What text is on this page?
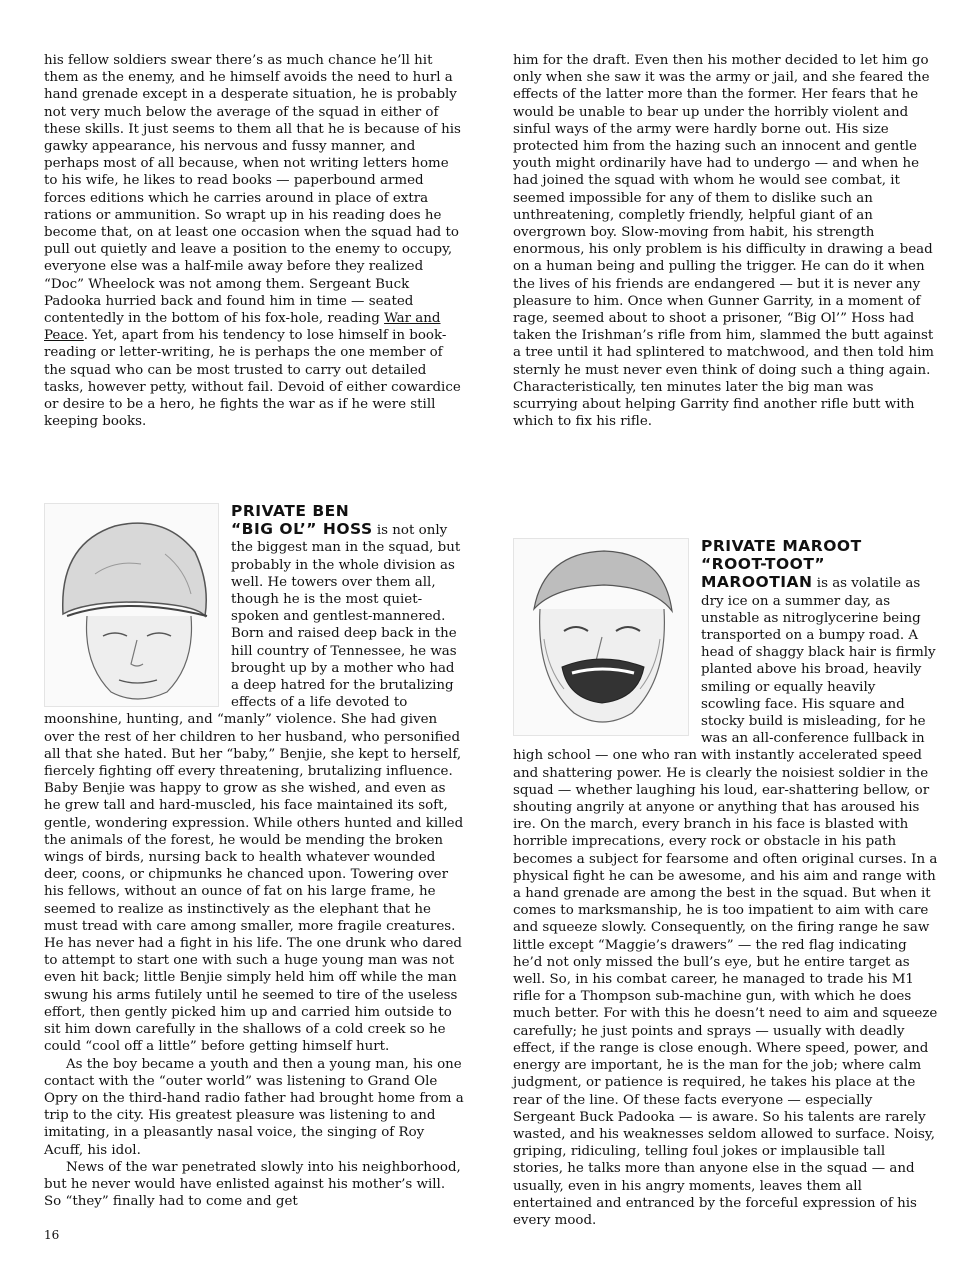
his fellow soldiers swear there’s as much chance he’ll hit them as the enemy, and he himself avoids the need to hurl a hand grenade except in a desperate situation, he is probably not very much below the average of the squad in either of these skills. It just seems to them all that he is because of his gawky appearance, his nervous and fussy manner, and perhaps most of all because, when not writing letters home to his wife, he likes to read books — paperbound armed forces editions which he carries around in place of extra rations or ammunition. So wrapt up in his reading does he become that, on at least one occasion when the squad had to pull out quietly and leave a position to the enemy to occupy, everyone else was a half-mile away before they realized “Doc” Wheelock was not among them. Sergeant Buck Padooka hurried back and found him in time — seated contentedly in the bottom of his fox-hole, reading War and Peace. Yet, apart from his tendency to lose himself in book-reading or letter-writing, he is perhaps the one member of the squad who can be most trusted to carry out detailed tasks, however petty, without fail. Devoid of either cowardice or desire to be a hero, he fights the war as if he were still keeping books.

him for the draft. Even then his mother decided to let him go only when she saw it was the army or jail, and she feared the effects of the latter more than the former. Her fears that he would be unable to bear up under the horribly violent and sinful ways of the army were hardly borne out. His size protected him from the hazing such an innocent and gentle youth might ordinarily have had to undergo — and when he had joined the squad with whom he would see combat, it seemed impossible for any of them to dislike such an unthreatening, completly friendly, helpful giant of an overgrown boy. Slow-moving from habit, his strength enormous, his only problem is his difficulty in drawing a bead on a human being and pulling the trigger. He can do it when the lives of his friends are endangered — but it is never any pleasure to him. Once when Gunner Garrity, in a moment of rage, seemed about to shoot a prisoner, “Big Ol’” Hoss had taken the Irishman’s rifle from him, slammed the butt against a tree until it had splintered to matchwood, and then told him sternly he must never even think of doing such a thing again. Characteristically, ten minutes later the big man was scurrying about helping Garrity find another rifle butt with which to fix his rifle.

PRIVATE BEN
“BIG OL’” HOSS is not only the biggest man in the squad, but probably in the whole division as well. He towers over them all, though he is the most quiet-spoken and gentlest-mannered. Born and raised deep back in the hill country of Tennessee, he was brought up by a mother who had a deep hatred for the brutalizing effects of a life devoted to moonshine, hunting, and “manly” violence. She had given over the rest of her children to her husband, who personified all that she hated. But her “baby,” Benjie, she kept to herself, fiercely fighting off every threatening, brutalizing influence. Baby Benjie was happy to grow as she wished, and even as he grew tall and hard-muscled, his face maintained its soft, gentle, wondering expression. While others hunted and killed the animals of the forest, he would be mending the broken wings of birds, nursing back to health whatever wounded deer, coons, or chipmunks he chanced upon. Towering over his fellows, without an ounce of fat on his large frame, he seemed to realize as instinctively as the elephant that he must tread with care among smaller, more fragile creatures. He has never had a fight in his life. The one drunk who dared to attempt to start one with such a huge young man was not even hit back; little Benjie simply held him off while the man swung his arms futilely until he seemed to tire of the useless effort, then gently picked him up and carried him outside to sit him down carefully in the shallows of a cold creek so he could “cool off a little” before getting himself hurt.

As the boy became a youth and then a young man, his one contact with the “outer world” was listening to Grand Ole Opry on the third-hand radio father had brought home from a trip to the city. His greatest pleasure was listening to and imitating, in a pleasantly nasal voice, the singing of Roy Acuff, his idol.

News of the war penetrated slowly into his neighborhood, but he never would have enlisted against his mother’s will. So “they” finally had to come and get

PRIVATE MAROOT
“ROOT-TOOT”
MAROOTIAN is as volatile as dry ice on a summer day, as unstable as nitroglycerine being transported on a bumpy road. A head of shaggy black hair is firmly planted above his broad, heavily smiling or equally heavily scowling face. His square and stocky build is misleading, for he was an all-conference fullback in high school — one who ran with instantly accelerated speed and shattering power. He is clearly the noisiest soldier in the squad — whether laughing his loud, ear-shattering bellow, or shouting angrily at anyone or anything that has aroused his ire. On the march, every branch in his face is blasted with horrible imprecations, every rock or obstacle in his path becomes a subject for fearsome and often original curses. In a physical fight he can be awesome, and his aim and range with a hand grenade are among the best in the squad. But when it comes to marksmanship, he is too impatient to aim with care and squeeze slowly. Consequently, on the firing range he saw little except “Maggie’s drawers” — the red flag indicating he’d not only missed the bull’s eye, but he entire target as well. So, in his combat career, he managed to trade his M1 rifle for a Thompson sub-machine gun, with which he does much better. For with this he doesn’t need to aim and squeeze carefully; he just points and sprays — usually with deadly effect, if the range is close enough. Where speed, power, and energy are important, he is the man for the job; where calm judgment, or patience is required, he takes his place at the rear of the line. Of these facts everyone — especially Sergeant Buck Padooka — is aware. So his talents are rarely wasted, and his weaknesses seldom allowed to surface. Noisy, griping, ridiculing, telling foul jokes or implausible tall stories, he talks more than anyone else in the squad — and usually, even in his angry moments, leaves them all entertained and entranced by the forceful expression of his every mood.

16
